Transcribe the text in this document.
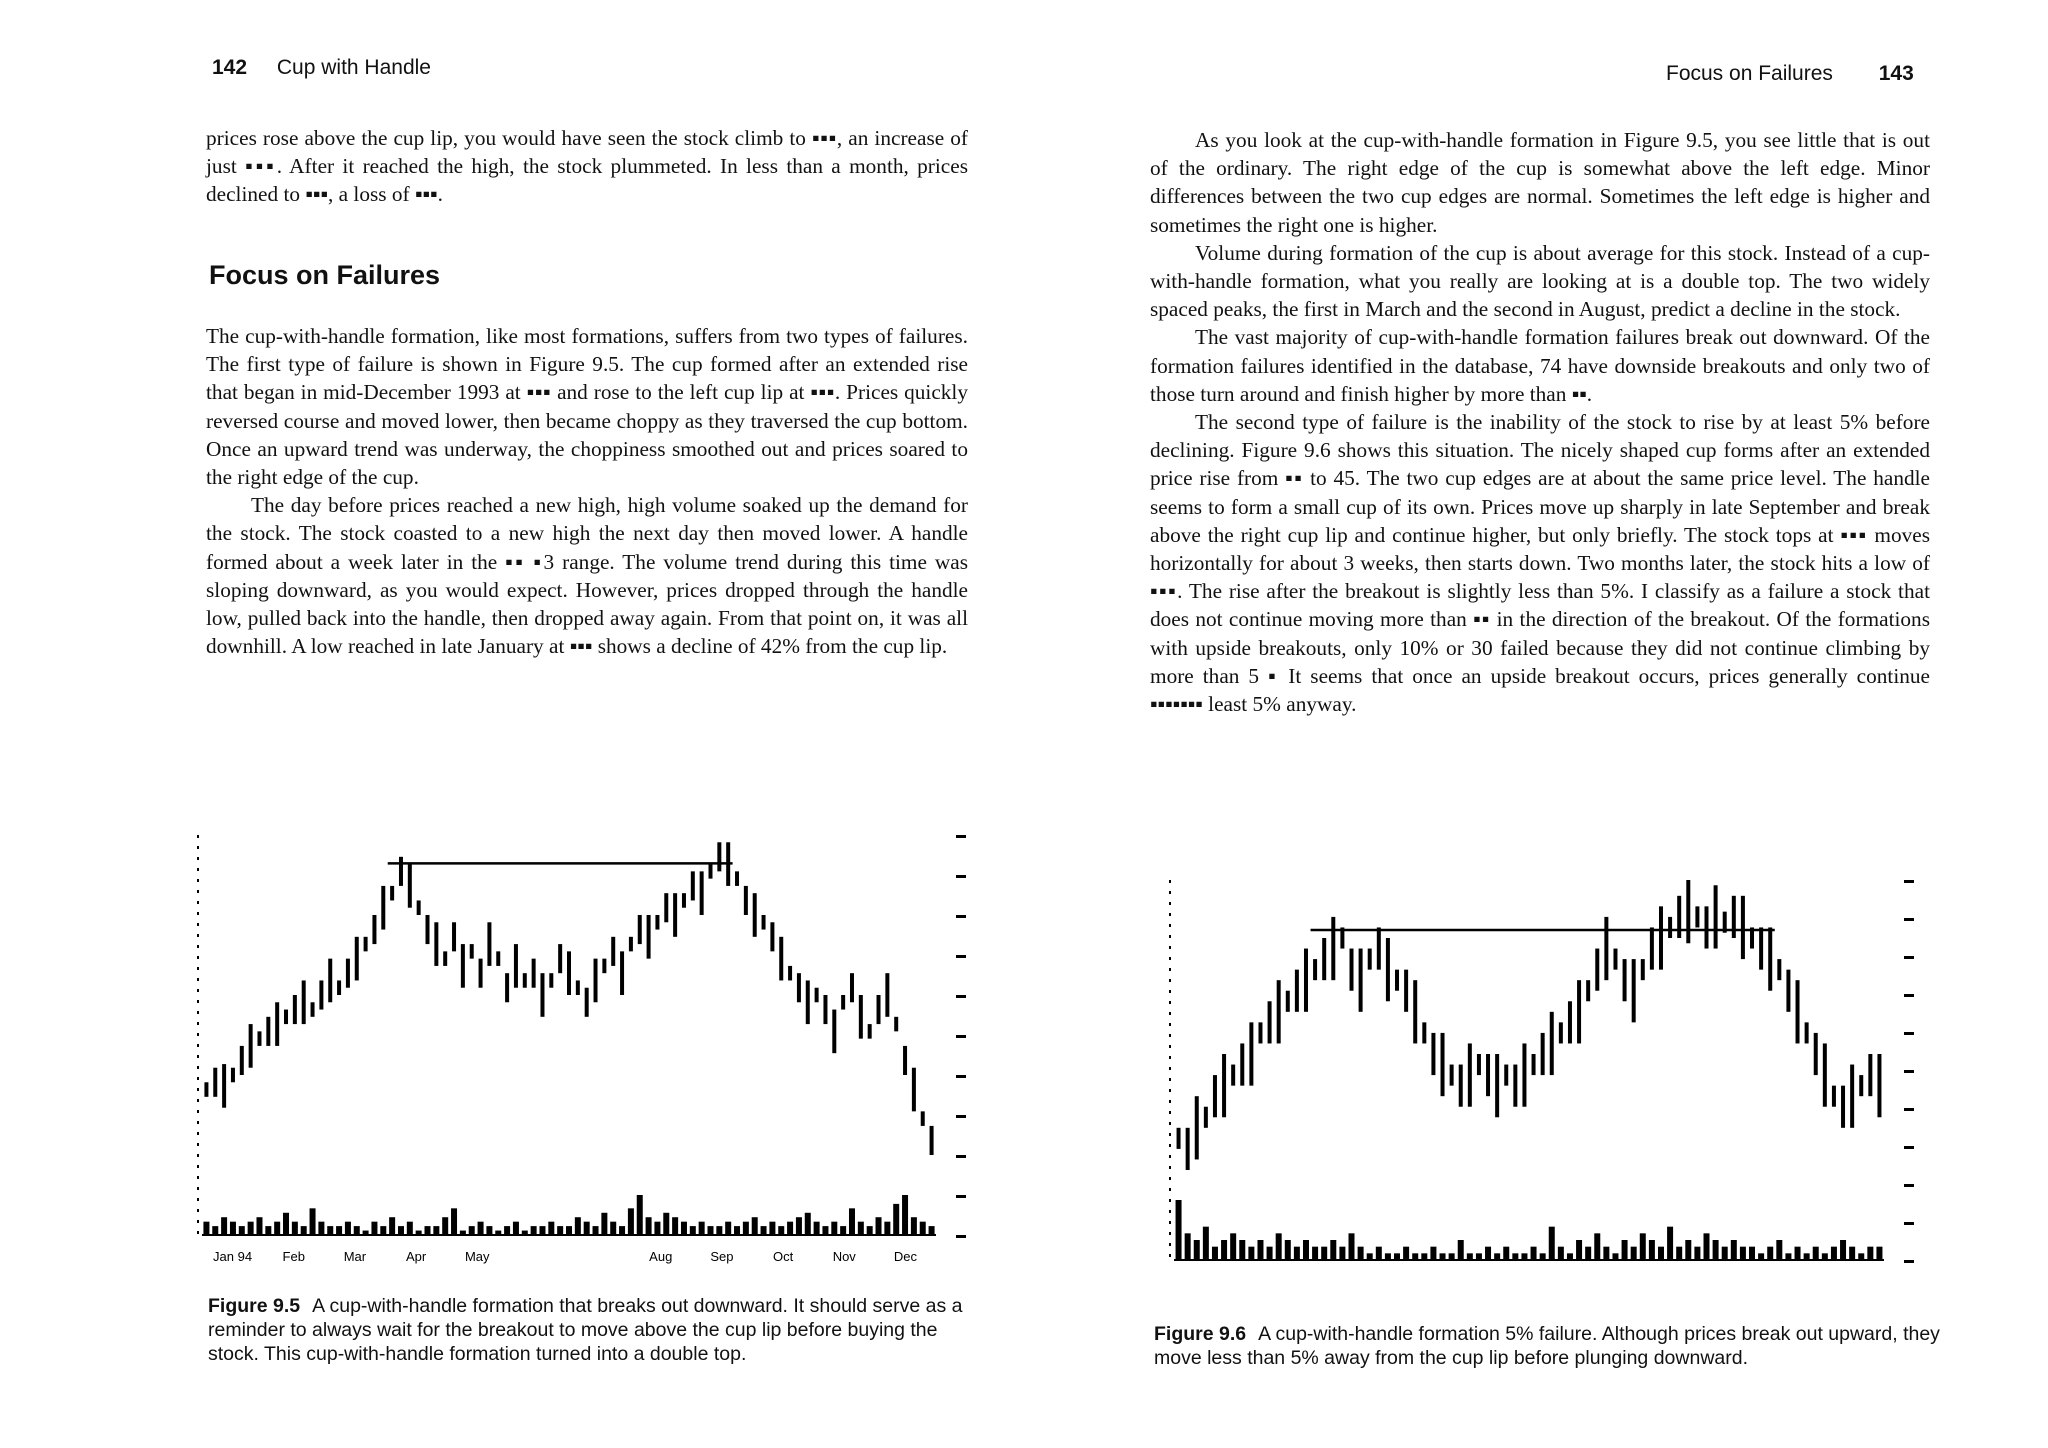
142 Cup with Handle

prices rose above the cup lip, you would have seen the stock climb to ▪▪▪, an increase of just ▪▪▪. After it reached the high, the stock plummeted. In less than a month, prices declined to ▪▪▪, a loss of ▪▪▪.

Focus on Failures

The cup-with-handle formation, like most formations, suffers from two types of failures. The first type of failure is shown in Figure 9.5. The cup formed after an extended rise that began in mid-December 1993 at ▪▪▪ and rose to the left cup lip at ▪▪▪. Prices quickly reversed course and moved lower, then became choppy as they traversed the cup bottom. Once an upward trend was underway, the choppiness smoothed out and prices soared to the right edge of the cup.

The day before prices reached a new high, high volume soaked up the demand for the stock. The stock coasted to a new high the next day then moved lower. A handle formed about a week later in the ▪▪ ▪3 range. The volume trend during this time was sloping downward, as you would expect. However, prices dropped through the handle low, pulled back into the handle, then dropped away again. From that point on, it was all downhill. A low reached in late January at ▪▪▪ shows a decline of 42% from the cup lip.

Jan 94 Feb	Mar	Apr	May	Aug	Sep	Oct	Nov	Dec

Figure 9.5 A cup-with-handle formation that breaks out downward. It should serve as a reminder to always wait for the breakout to move above the cup lip before buying the stock. This cup-with-handle formation turned into a double top.

Focus on Failures 143

As you look at the cup-with-handle formation in Figure 9.5, you see little that is out of the ordinary. The right edge of the cup is somewhat above the left edge. Minor differences between the two cup edges are normal. Sometimes the left edge is higher and sometimes the right one is higher.

Volume during formation of the cup is about average for this stock. Instead of a cup-with-handle formation, what you really are looking at is a double top. The two widely spaced peaks, the first in March and the second in August, predict a decline in the stock.

The vast majority of cup-with-handle formation failures break out downward. Of the formation failures identified in the database, 74 have downside breakouts and only two of those turn around and finish higher by more than ▪▪.

The second type of failure is the inability of the stock to rise by at least 5% before declining. Figure 9.6 shows this situation. The nicely shaped cup forms after an extended price rise from ▪▪ to 45. The two cup edges are at about the same price level. The handle seems to form a small cup of its own. Prices move up sharply in late September and break above the right cup lip and continue higher, but only briefly. The stock tops at ▪▪▪ moves horizontally for about 3 weeks, then starts down. Two months later, the stock hits a low of ▪▪▪. The rise after the breakout is slightly less than 5%. I classify as a failure a stock that does not continue moving more than ▪▪ in the direction of the breakout. Of the formations with upside breakouts, only 10% or 30 failed because they did not continue climbing by more than 5 ▪ It seems that once an upside breakout occurs, prices generally continue ▪▪▪▪▪▪▪ least 5% anyway.

Figure 9.6 A cup-with-handle formation 5% failure. Although prices break out upward, they move less than 5% away from the cup lip before plunging downward.
